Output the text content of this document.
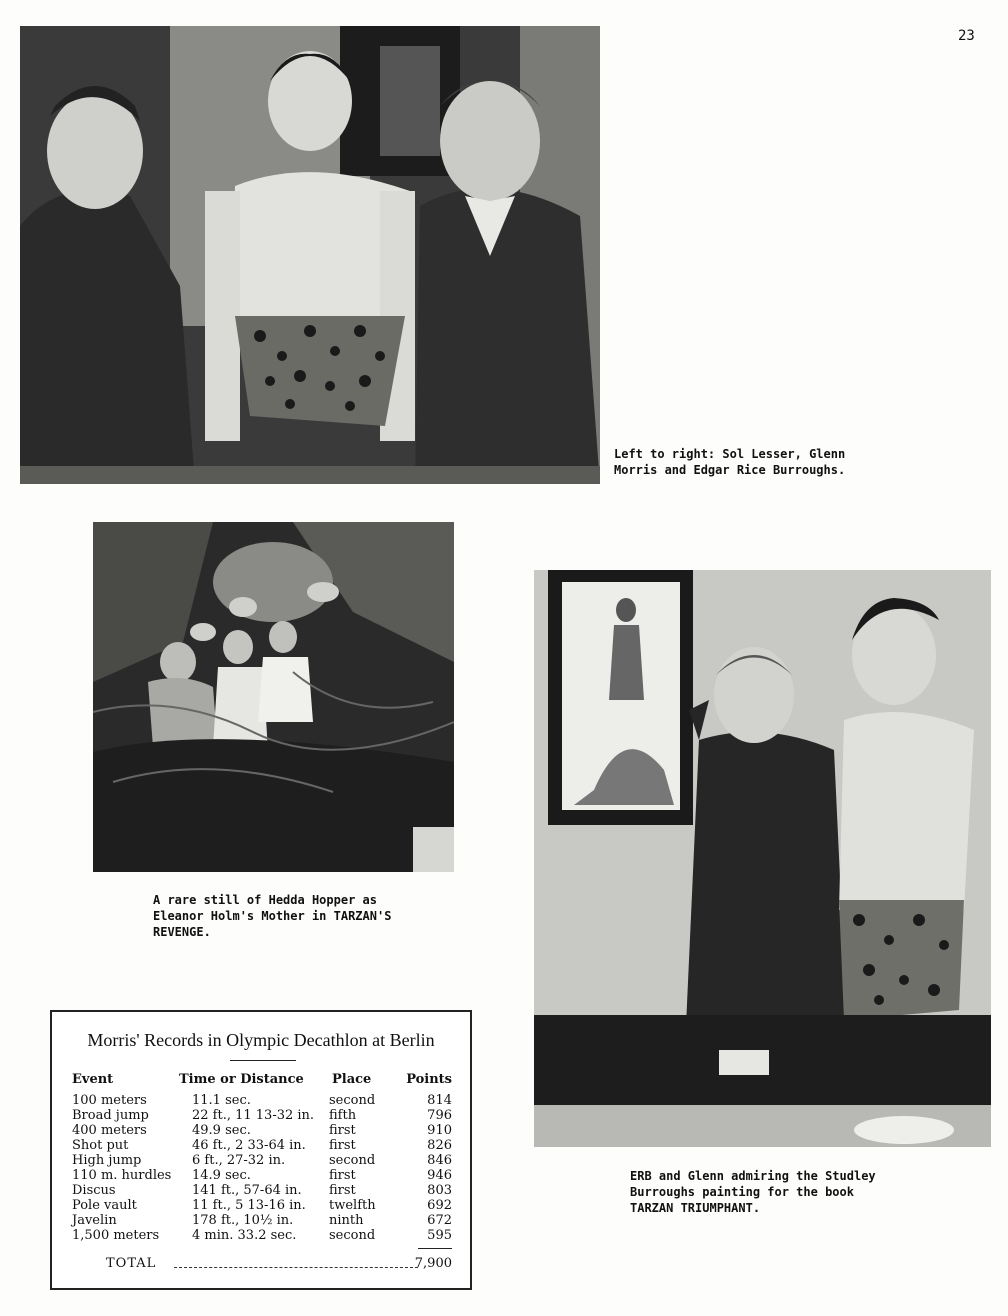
23
Left to right: Sol Lesser, Glenn
Morris and Edgar Rice Burroughs.
A rare still of Hedda Hopper as
Eleanor Holm's Mother in TARZAN'S
REVENGE.
ERB and Glenn admiring the Studley
Burroughs painting for the book
TARZAN TRIUMPHANT.
Morris' Records in Olympic Decathlon at Berlin
Event	Time or Distance Place	Points
100 meters	11.1 sec.	second	814
Broad jump	22 ft., 11 13-32 in. fifth	796
400 meters	49.9 sec.	first	910
Shot put	46 ft., 2 33-64 in. first	826
High jump	6 ft., 27-32 in.	second	846
110 m. hurdles 14.9 sec.	first	946
Discus	141 ft., 57-64 in. first	803
Pole vault	11 ft., 5 13-16 in. twelfth	692
Javelin	178 ft., 10½ in.	ninth	672
1,500 meters	4 min. 33.2 sec.	second	595
TOTAL	7,900
